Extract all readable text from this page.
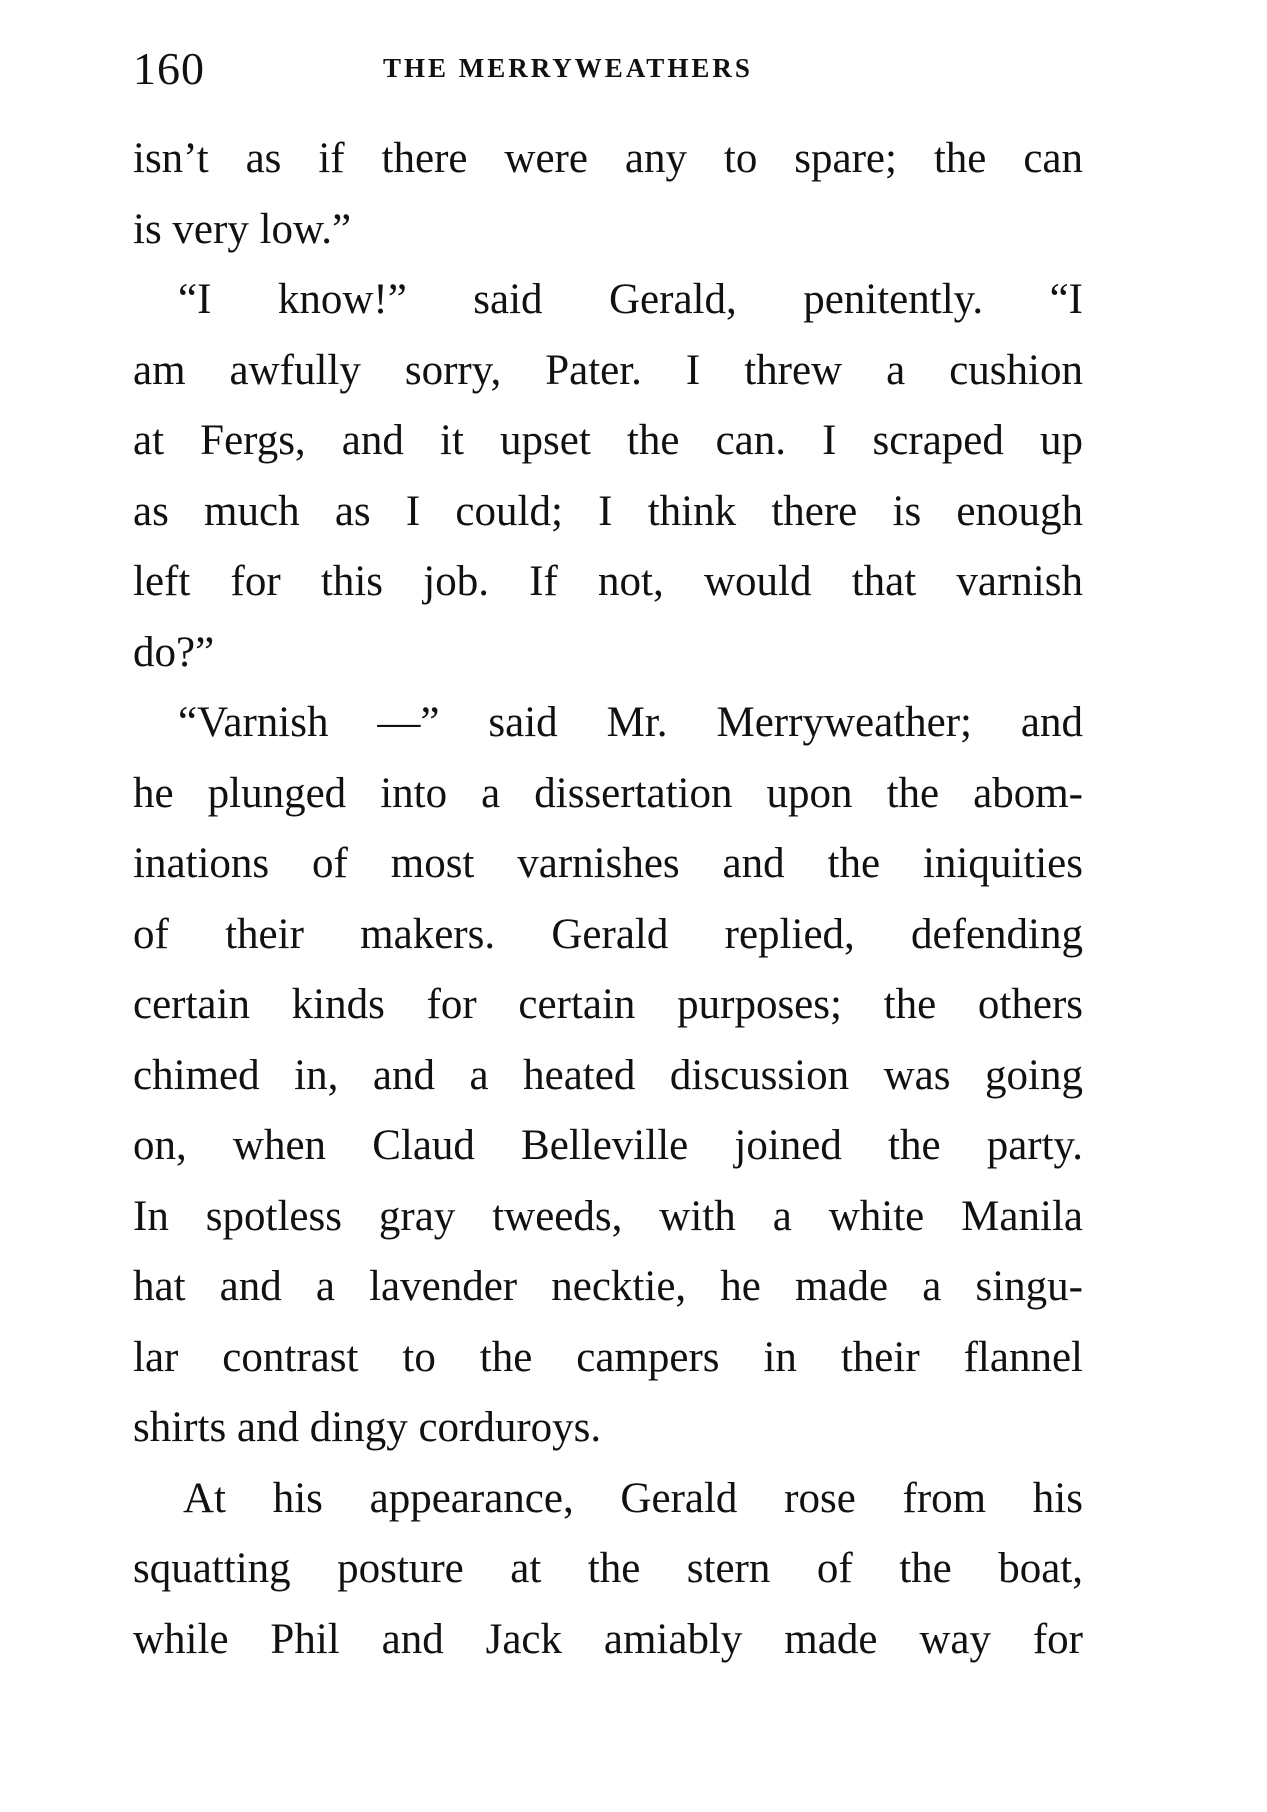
160	THE MERRYWEATHERS
isn’t as if there were any to spare; the can
is very low.”
“I know!” said Gerald, penitently. “I
am awfully sorry, Pater. I threw a cushion
at Fergs, and it upset the can. I scraped up
as much as I could; I think there is enough
left for this job. If not, would that varnish
do?”
“Varnish —” said Mr. Merryweather; and
he plunged into a dissertation upon the abom-
inations of most varnishes and the iniquities
of their makers. Gerald replied, defending
certain kinds for certain purposes; the others
chimed in, and a heated discussion was going
on, when Claud Belleville joined the party.
In spotless gray tweeds, with a white Manila
hat and a lavender necktie, he made a singu-
lar contrast to the campers in their flannel
shirts and dingy corduroys.
At his appearance, Gerald rose from his
squatting posture at the stern of the boat,
while Phil and Jack amiably made way for
